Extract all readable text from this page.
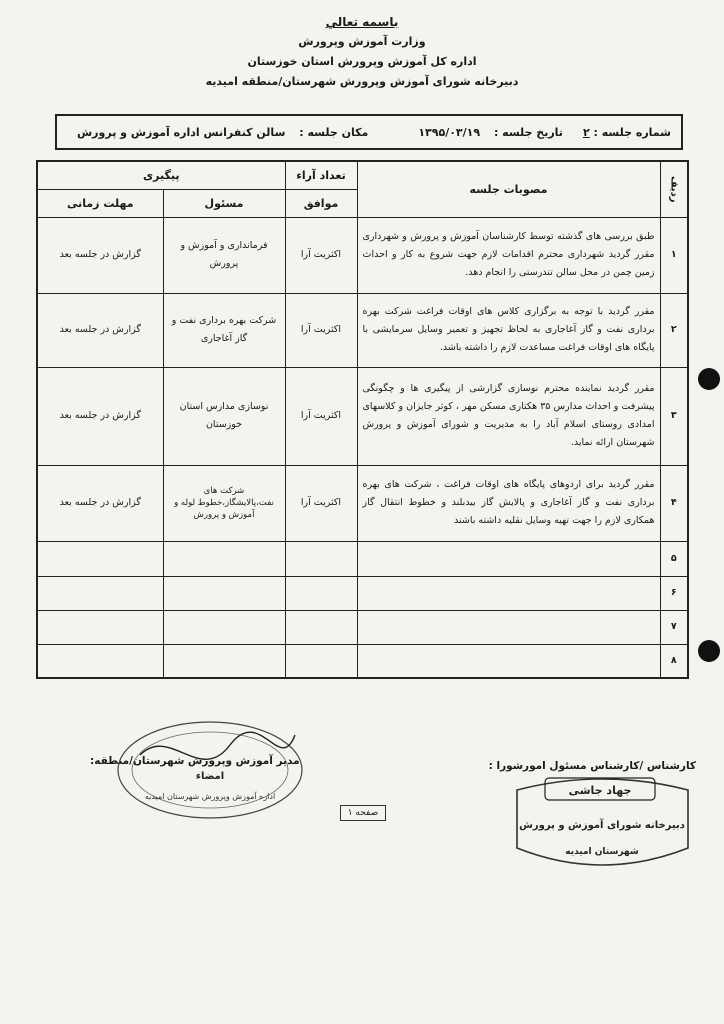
باسمه تعالي
وزارت آموزش وپرورش
اداره كل آموزش وپرورش استان خوزستان
دبیرخانه شورای آموزش وپرورش شهرستان/منطقه امیدیه
شماره جلسه : ۲
تاریخ جلسه : ۱۳۹۵/۰۳/۱۹
مكان جلسه : سالن كنفرانس اداره آموزش و پرورش
ردیف	مصوبات جلسه	تعداد آراء	پیگیری	
		موافق	مسئول	مهلت زمانی
۱	طبق بررسی های گذشته توسط كارشناسان آموزش و پرورش و شهرداری مقرر گردید شهرداری محترم اقدامات لازم جهت شروع به كار و احداث زمین چمن در محل سالن تندرستی را انجام دهد.	اكثریت آرا	فرمانداری و آموزش و پرورش	گزارش در جلسه بعد
۲	مقرر گردید با توجه به برگزاری كلاس های اوقات فراغت شركت بهره برداری نفت و گاز آغاجاری به لحاظ تجهیز و تعمیر وسایل سرمایشی با پایگاه های اوقات فراغت مساعدت لازم را داشته باشد.	اكثریت آرا	شركت بهره برداری نفت و گاز آغاجاری	گزارش در جلسه بعد
۳	مقرر گردید نماینده محترم نوسازی گزارشی از پیگیری ها و چگونگی پیشرفت و احداث مدارس ۳۵ هكتاری مسكن مهر ، كوثر جایزان و كلاسهای امدادی روستای اسلام آباد را به مدیریت و شورای آموزش و پرورش شهرستان ارائه نماید.	اكثریت آرا	نوسازی مدارس استان خوزستان	گزارش در جلسه بعد
۴	مقرر گردید برای اردوهای پایگاه های اوقات فراغت ، شركت های بهره برداری نفت و گاز آغاجاری و پالایش گاز بیدبلند و خطوط انتقال گاز همكاری لازم را جهت تهیه وسایل نقلیه داشته باشند	اكثریت آرا	شركت های نفت،پالایشگاز،خطوط لوله و آموزش و پرورش	گزارش در جلسه بعد
۵				
۶				
۷				
۸				
مدیر آموزش وپرورش شهرستان/منطقه:	كارشناس /كارشناس مسئول امورشورا :
صفحه ۱
اداره آموزش وپرورش شهرستان امیدیه
امضاء
جهاد جاشی
دبیرخانه شورای آموزش و پرورش
شهرستان امیدیه
